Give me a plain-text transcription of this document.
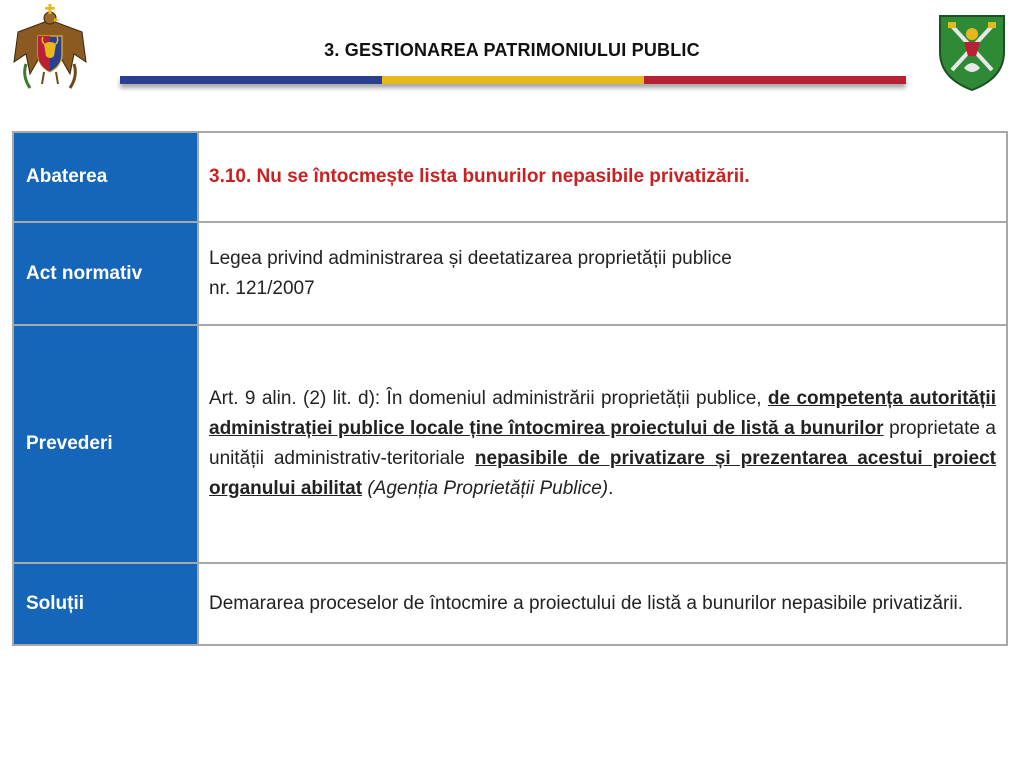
3. GESTIONAREA PATRIMONIULUI PUBLIC
Abaterea	3.10. Nu se întocmește lista bunurilor nepasibile privatizării.
Act normativ	Legea privind administrarea și deetatizarea proprietății publice
nr. 121/2007

Prevederi	Art. 9 alin. (2) lit. d): În domeniul administrării proprietății publice, de competența autorității administrației publice locale ține întocmirea proiectului de listă a bunurilor proprietate a unității administrativ-teritoriale nepasibile de privatizare și prezentarea acestui proiect organului abilitat (Agenția Proprietății Publice).
Soluții	Demararea proceselor de întocmire a proiectului de listă a bunurilor nepasibile privatizării.
